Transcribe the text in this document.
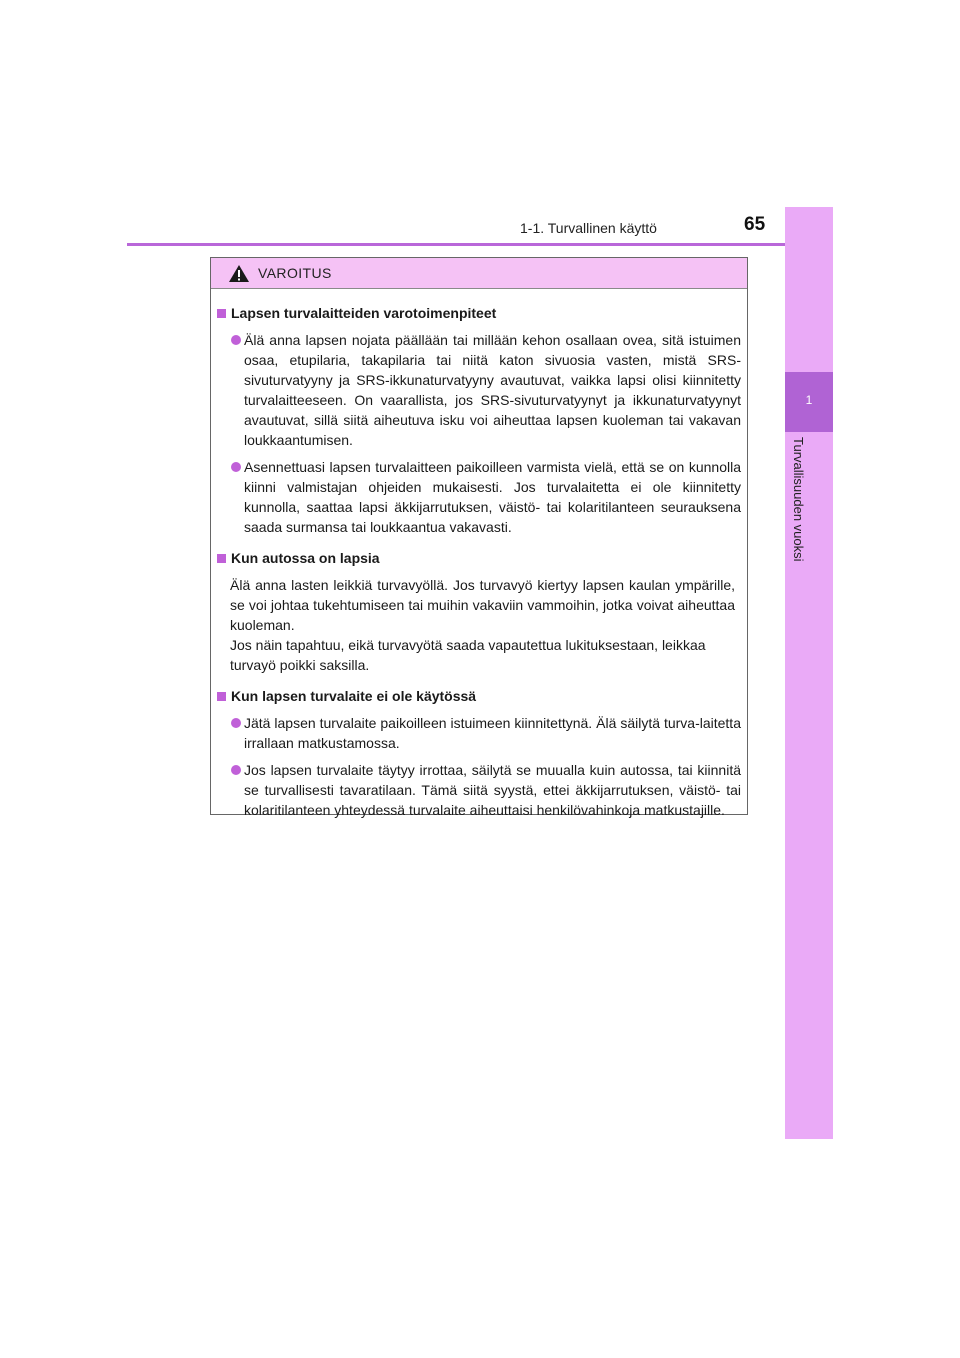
1-1. Turvallinen käyttö	65
1
Turvallisuuden vuoksi
VAROITUS
Lapsen turvalaitteiden varotoimenpiteet
Älä anna lapsen nojata päällään tai millään kehon osallaan ovea, sitä istuimen osaa, etupilaria, takapilaria tai niitä katon sivuosia vasten, mistä SRS-sivuturvatyyny ja SRS-ikkunaturvatyyny avautuvat, vaikka lapsi olisi kiinnitetty turvalaitteeseen. On vaarallista, jos SRS-sivuturvatyynyt ja ikkunaturvatyynyt avautuvat, sillä siitä aiheutuva isku voi aiheuttaa lapsen kuoleman tai vakavan loukkaantumisen.
Asennettuasi lapsen turvalaitteen paikoilleen varmista vielä, että se on kunnolla kiinni valmistajan ohjeiden mukaisesti. Jos turvalaitetta ei ole kiinnitetty kunnolla, saattaa lapsi äkkijarrutuksen, väistö- tai kolaritilanteen seurauksena saada surmansa tai loukkaantua vakavasti.
Kun autossa on lapsia
Älä anna lasten leikkiä turvavyöllä. Jos turvavyö kiertyy lapsen kaulan ympärille, se voi johtaa tukehtumiseen tai muihin vakaviin vammoihin, jotka voivat aiheuttaa kuoleman.
Jos näin tapahtuu, eikä turvavyötä saada vapautettua lukituksestaan, leikkaa turvayö poikki saksilla.
Kun lapsen turvalaite ei ole käytössä
Jätä lapsen turvalaite paikoilleen istuimeen kiinnitettynä. Älä säilytä turva-laitetta irrallaan matkustamossa.
Jos lapsen turvalaite täytyy irrottaa, säilytä se muualla kuin autossa, tai kiinnitä se turvallisesti tavaratilaan. Tämä siitä syystä, ettei äkkijarrutuksen, väistö- tai kolaritilanteen yhteydessä turvalaite aiheuttaisi henkilövahinkoja matkustajille.
